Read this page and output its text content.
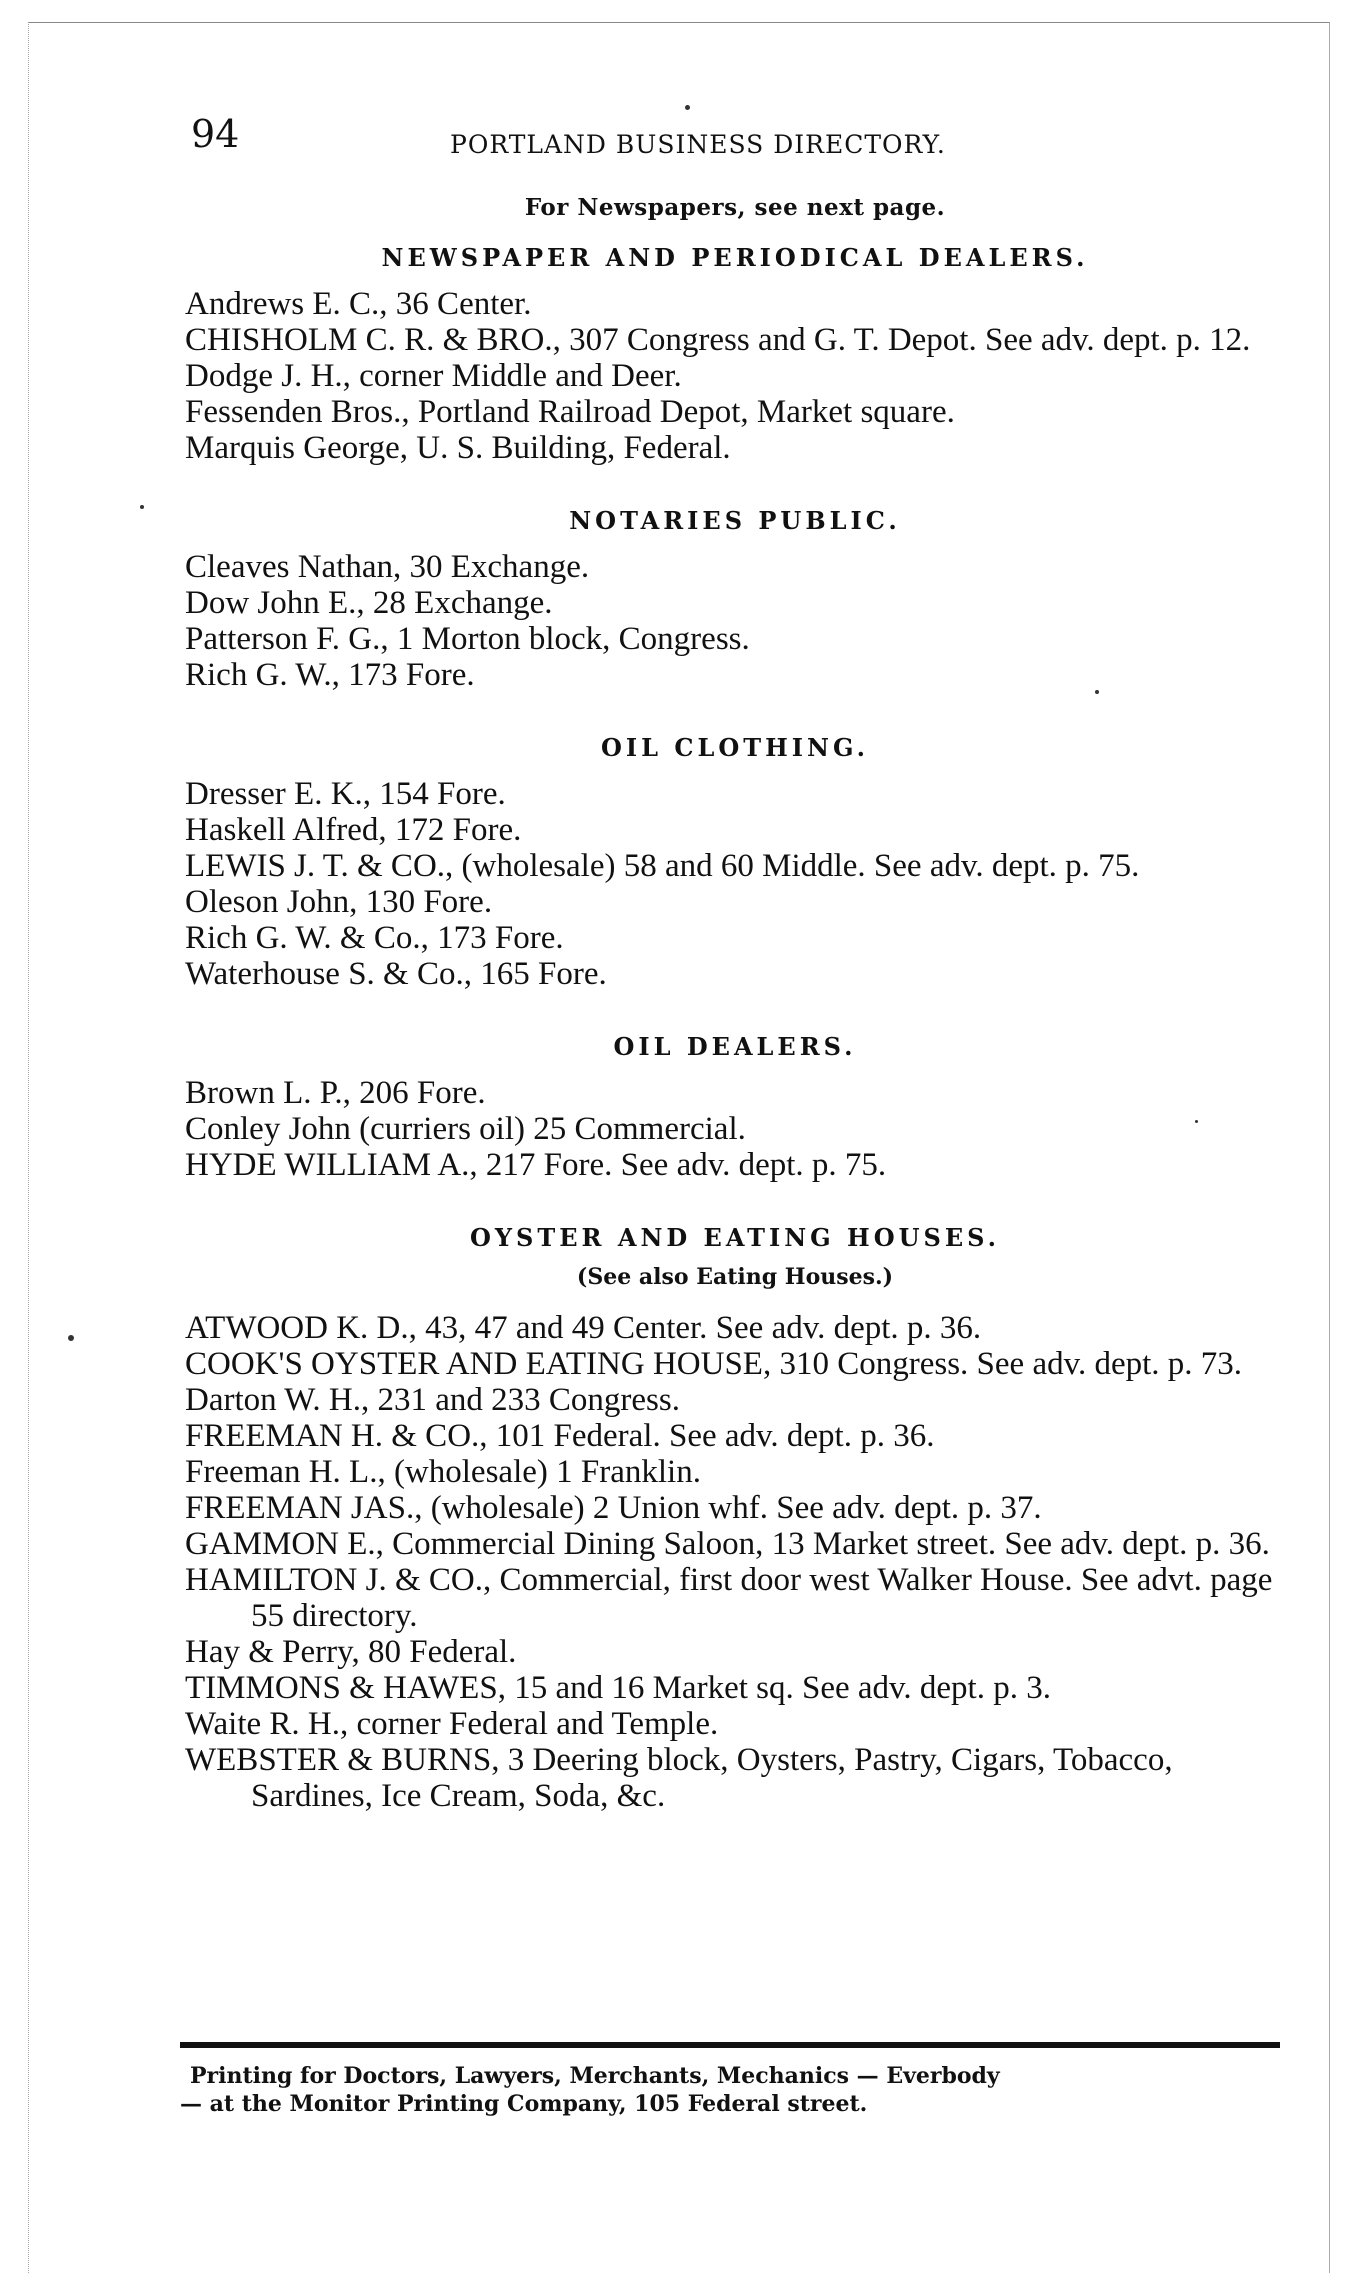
94	PORTLAND BUSINESS DIRECTORY.
For Newspapers, see next page.
NEWSPAPER AND PERIODICAL DEALERS.
Andrews E. C., 36 Center.
CHISHOLM C. R. & BRO., 307 Congress and G. T. Depot. See adv. dept. p. 12.
Dodge J. H., corner Middle and Deer.
Fessenden Bros., Portland Railroad Depot, Market square.
Marquis George, U. S. Building, Federal.
NOTARIES PUBLIC.
Cleaves Nathan, 30 Exchange.
Dow John E., 28 Exchange.
Patterson F. G., 1 Morton block, Congress.
Rich G. W., 173 Fore.
OIL CLOTHING.
Dresser E. K., 154 Fore.
Haskell Alfred, 172 Fore.
LEWIS J. T. & CO., (wholesale) 58 and 60 Middle. See adv. dept. p. 75.
Oleson John, 130 Fore.
Rich G. W. & Co., 173 Fore.
Waterhouse S. & Co., 165 Fore.
OIL DEALERS.
Brown L. P., 206 Fore.
Conley John (curriers oil) 25 Commercial.
HYDE WILLIAM A., 217 Fore. See adv. dept. p. 75.
OYSTER AND EATING HOUSES.
(See also Eating Houses.)
ATWOOD K. D., 43, 47 and 49 Center. See adv. dept. p. 36.
COOK'S OYSTER AND EATING HOUSE, 310 Congress. See adv. dept. p. 73.
Darton W. H., 231 and 233 Congress.
FREEMAN H. & CO., 101 Federal. See adv. dept. p. 36.
Freeman H. L., (wholesale) 1 Franklin.
FREEMAN JAS., (wholesale) 2 Union whf. See adv. dept. p. 37.
GAMMON E., Commercial Dining Saloon, 13 Market street. See adv. dept. p. 36.
HAMILTON J. & CO., Commercial, first door west Walker House. See advt. page 55 directory.
Hay & Perry, 80 Federal.
TIMMONS & HAWES, 15 and 16 Market sq. See adv. dept. p. 3.
Waite R. H., corner Federal and Temple.
WEBSTER & BURNS, 3 Deering block, Oysters, Pastry, Cigars, Tobacco, Sardines, Ice Cream, Soda, &c.
Printing for Doctors, Lawyers, Merchants, Mechanics — Everbody
— at the Monitor Printing Company, 105 Federal street.
